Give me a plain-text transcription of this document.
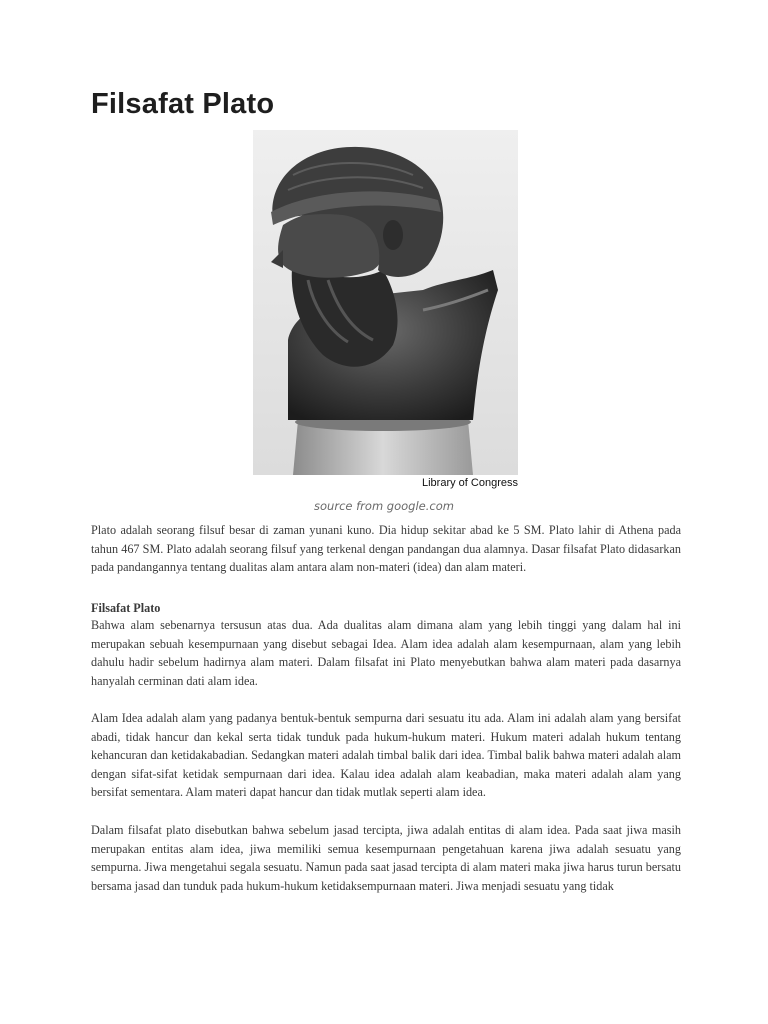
Filsafat Plato
Library of Congress
source from google.com

Plato adalah seorang filsuf besar di zaman yunani kuno. Dia hidup sekitar abad ke 5 SM. Plato lahir di Athena pada tahun 467 SM. Plato adalah seorang filsuf yang terkenal dengan pandangan dua alamnya. Dasar filsafat Plato didasarkan pada pandangannya tentang dualitas alam antara alam non-materi (idea) dan alam materi.

Filsafat Plato

Bahwa alam sebenarnya tersusun atas dua. Ada dualitas alam dimana alam yang lebih tinggi yang dalam hal ini merupakan sebuah kesempurnaan yang disebut sebagai Idea. Alam idea adalah alam kesempurnaan, alam yang lebih dahulu hadir sebelum hadirnya alam materi. Dalam filsafat ini Plato menyebutkan bahwa alam materi pada dasarnya hanyalah cerminan dati alam idea.

Alam Idea adalah alam yang padanya bentuk-bentuk sempurna dari sesuatu itu ada. Alam ini adalah alam yang bersifat abadi, tidak hancur dan kekal serta tidak tunduk pada hukum-hukum materi. Hukum materi adalah hukum tentang kehancuran dan ketidakabadian. Sedangkan materi adalah timbal balik dari idea. Timbal balik bahwa materi adalah alam dengan sifat-sifat ketidak sempurnaan dari idea. Kalau idea adalah alam keabadian, maka materi adalah alam yang bersifat sementara. Alam materi dapat hancur dan tidak mutlak seperti alam idea.

Dalam filsafat plato disebutkan bahwa sebelum jasad tercipta, jiwa adalah entitas di alam idea. Pada saat jiwa masih merupakan entitas alam idea, jiwa memiliki semua kesempurnaan pengetahuan karena jiwa adalah sesuatu yang sempurna. Jiwa mengetahui segala sesuatu. Namun pada saat jasad tercipta di alam materi maka jiwa harus turun bersatu bersama jasad dan tunduk pada hukum-hukum ketidaksempurnaan materi. Jiwa menjadi sesuatu yang tidak
